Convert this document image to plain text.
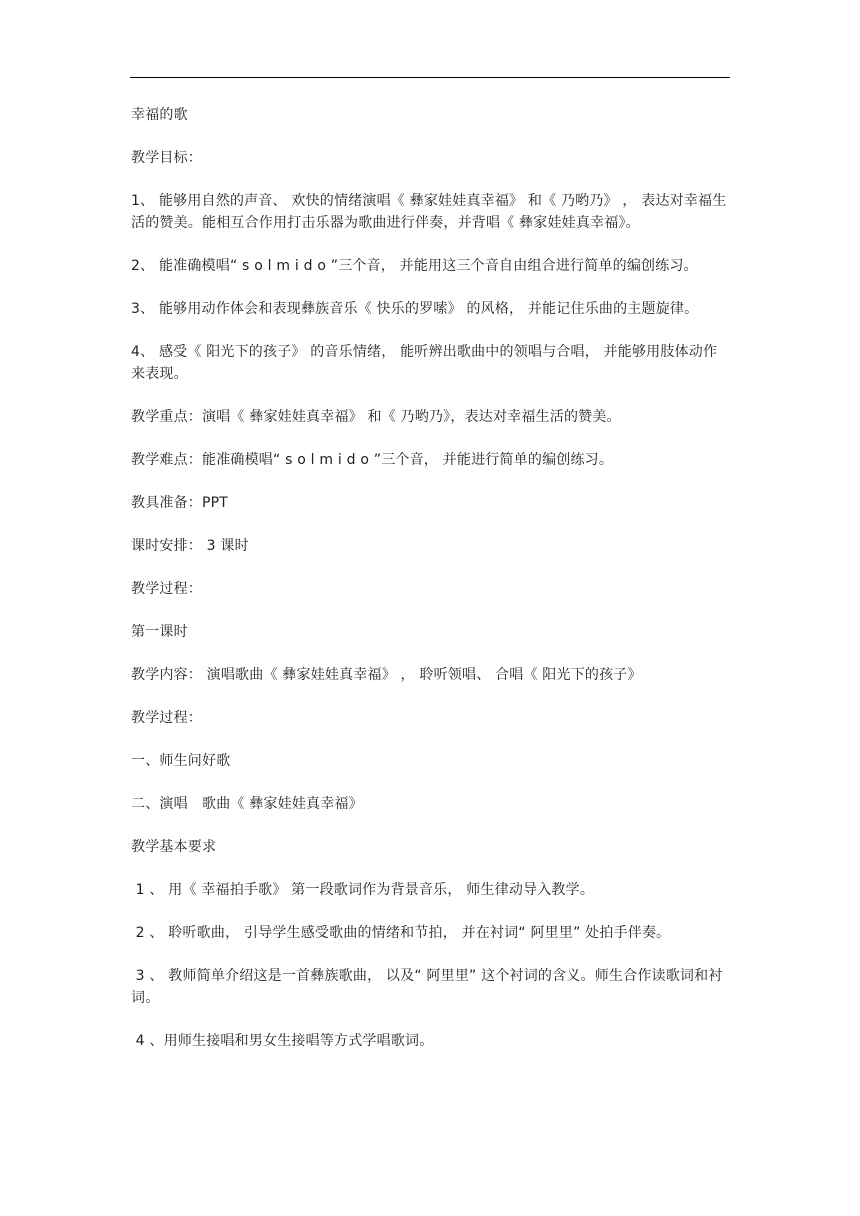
幸福的歌

教学目标：

1、 能够用自然的声音、 欢快的情绪演唱《 彝家娃娃真幸福》 和《 乃哟乃》 ， 表达对幸福生活的赞美。能相互合作用打击乐器为歌曲进行伴奏，并背唱《 彝家娃娃真幸福》。

2、 能准确模唱“ s o l m i d o ”三个音， 并能用这三个音自由组合进行简单的编创练习。

3、 能够用动作体会和表现彝族音乐《 快乐的罗嗦》 的风格， 并能记住乐曲的主题旋律。

4、 感受《 阳光下的孩子》 的音乐情绪， 能听辨出歌曲中的领唱与合唱， 并能够用肢体动作来表现。

教学重点：演唱《 彝家娃娃真幸福》 和《 乃哟乃》，表达对幸福生活的赞美。

教学难点：能准确模唱“ s o l m i d o ”三个音， 并能进行简单的编创练习。

教具准备：PPT

课时安排： 3 课时

教学过程：

第一课时

教学内容： 演唱歌曲《 彝家娃娃真幸福》 ， 聆听领唱、 合唱《 阳光下的孩子》

教学过程：

一、师生问好歌

二、演唱　歌曲《 彝家娃娃真幸福》

教学基本要求

1 、 用《 幸福拍手歌》 第一段歌词作为背景音乐， 师生律动导入教学。

2 、 聆听歌曲， 引导学生感受歌曲的情绪和节拍， 并在衬词“ 阿里里” 处拍手伴奏。

3 、 教师简单介绍这是一首彝族歌曲， 以及“ 阿里里” 这个衬词的含义。师生合作读歌词和衬词。

4 、用师生接唱和男女生接唱等方式学唱歌词。
